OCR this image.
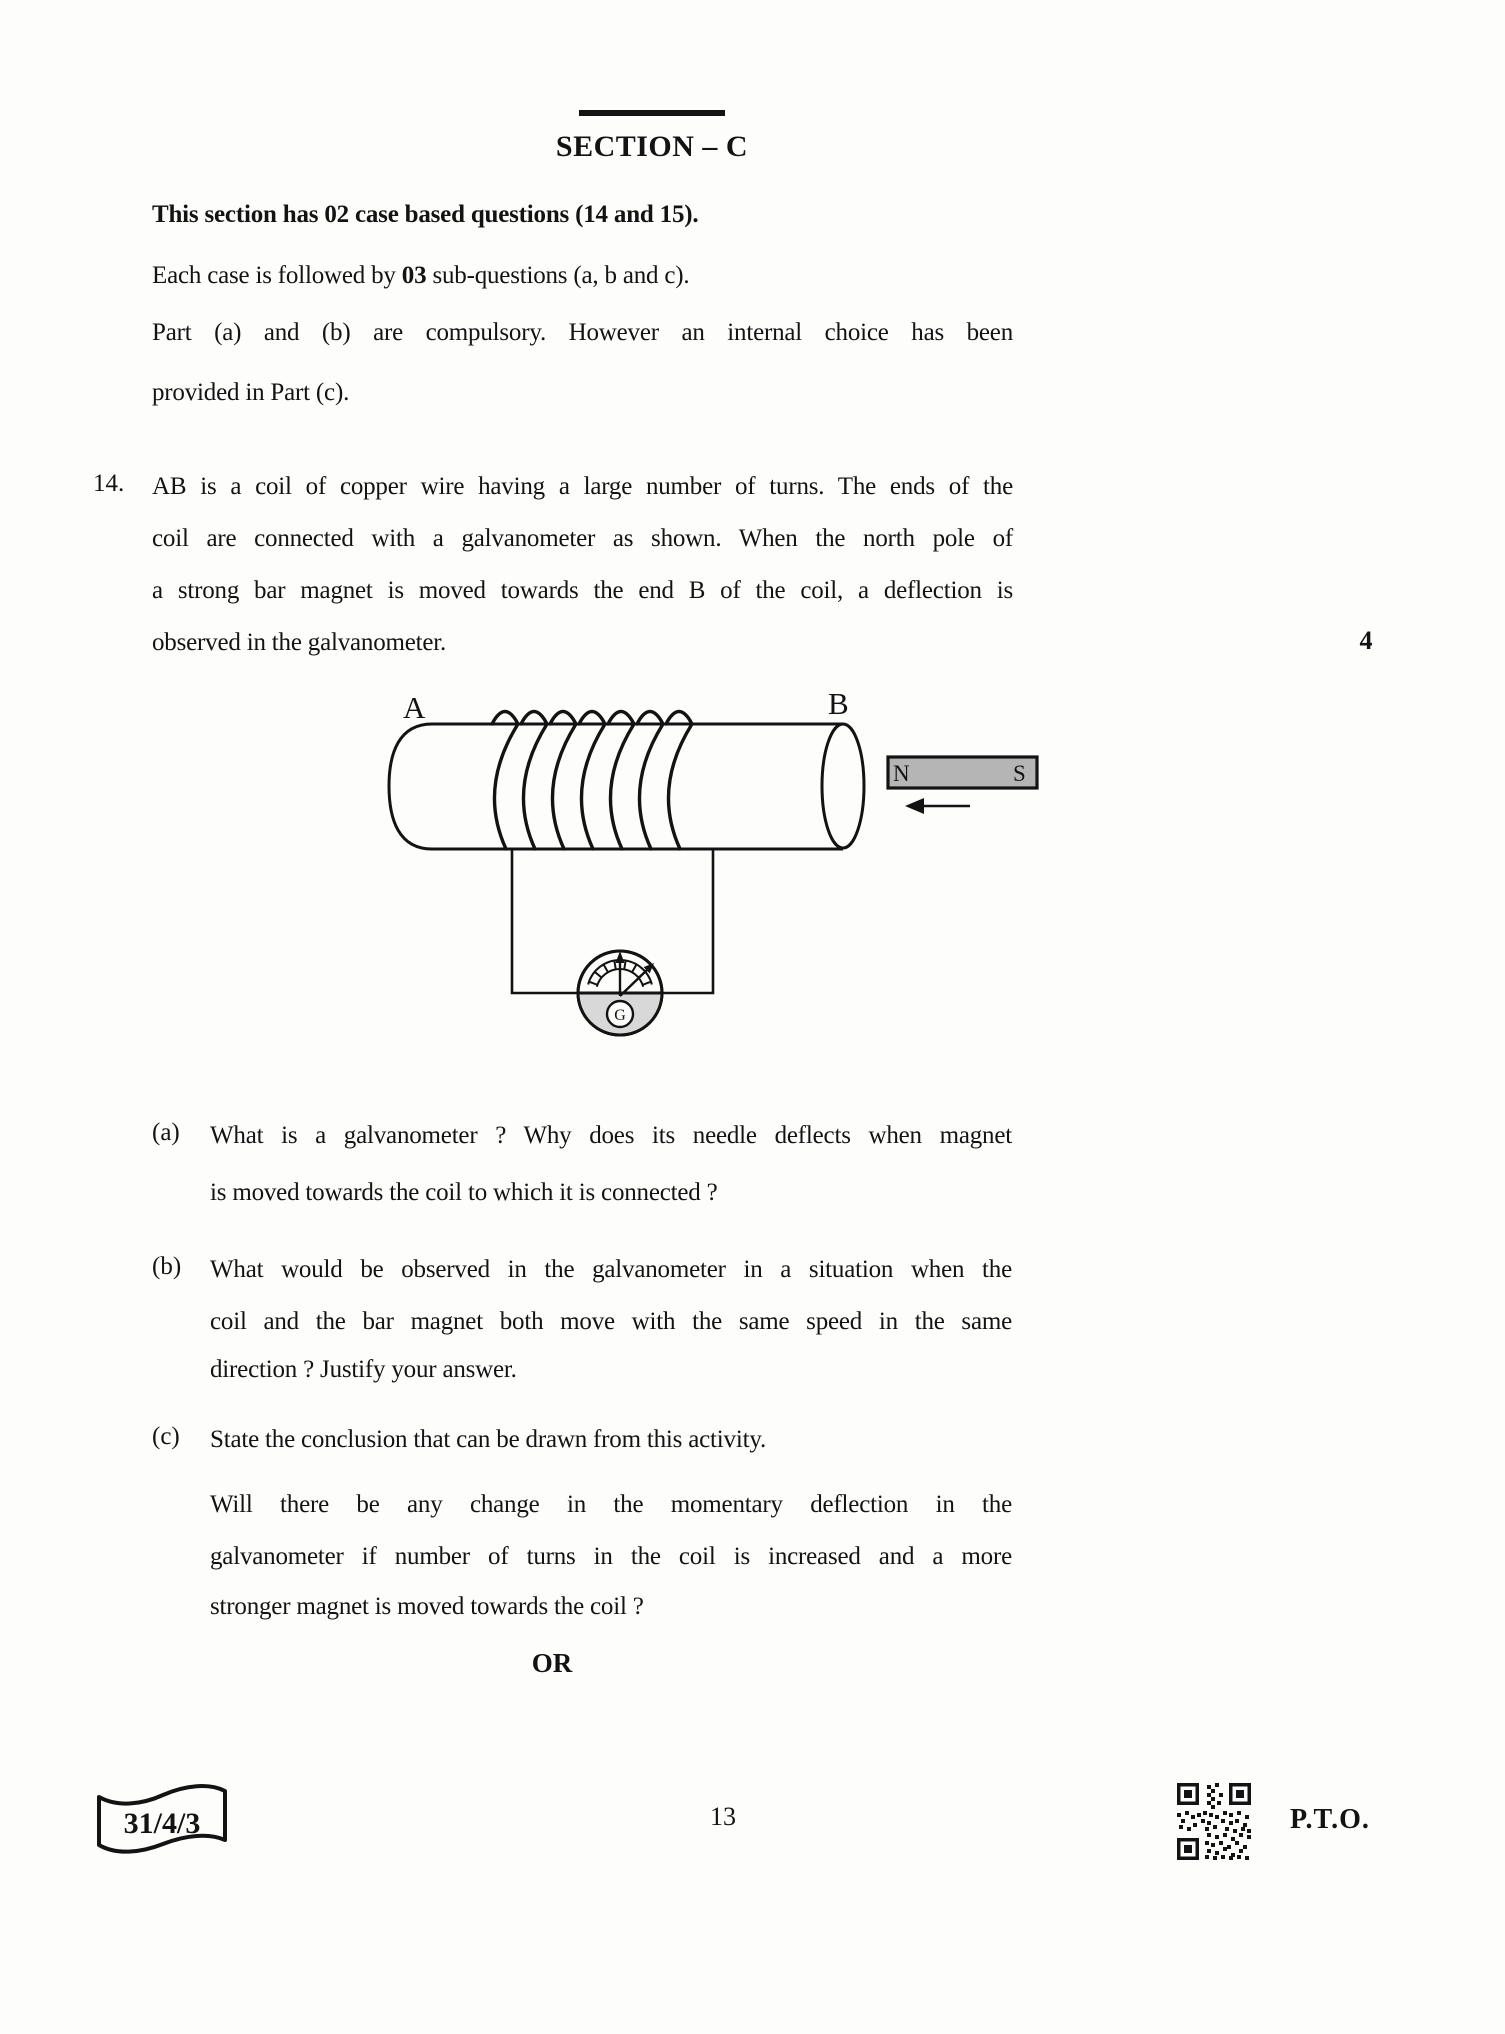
SECTION – C
This section has 02 case based questions (14 and 15).
Each case is followed by 03 sub-questions (a, b and c).
Part (a) and (b) are compulsory. However an internal choice has been
provided in Part (c).
14. AB is a coil of copper wire having a large number of turns. The ends of the
coil are connected with a galvanometer as shown. When the north pole of
a strong bar magnet is moved towards the end B of the coil, a deflection is
observed in the galvanometer.	4
A	B
N	S
G
(a) What is a galvanometer ? Why does its needle deflects when magnet
is moved towards the coil to which it is connected ?
(b) What would be observed in the galvanometer in a situation when the
coil and the bar magnet both move with the same speed in the same
direction ? Justify your answer.
(c) State the conclusion that can be drawn from this activity.
Will there be any change in the momentary deflection in the
galvanometer if number of turns in the coil is increased and a more
stronger magnet is moved towards the coil ?
OR
31/4/3	13	P.T.O.
